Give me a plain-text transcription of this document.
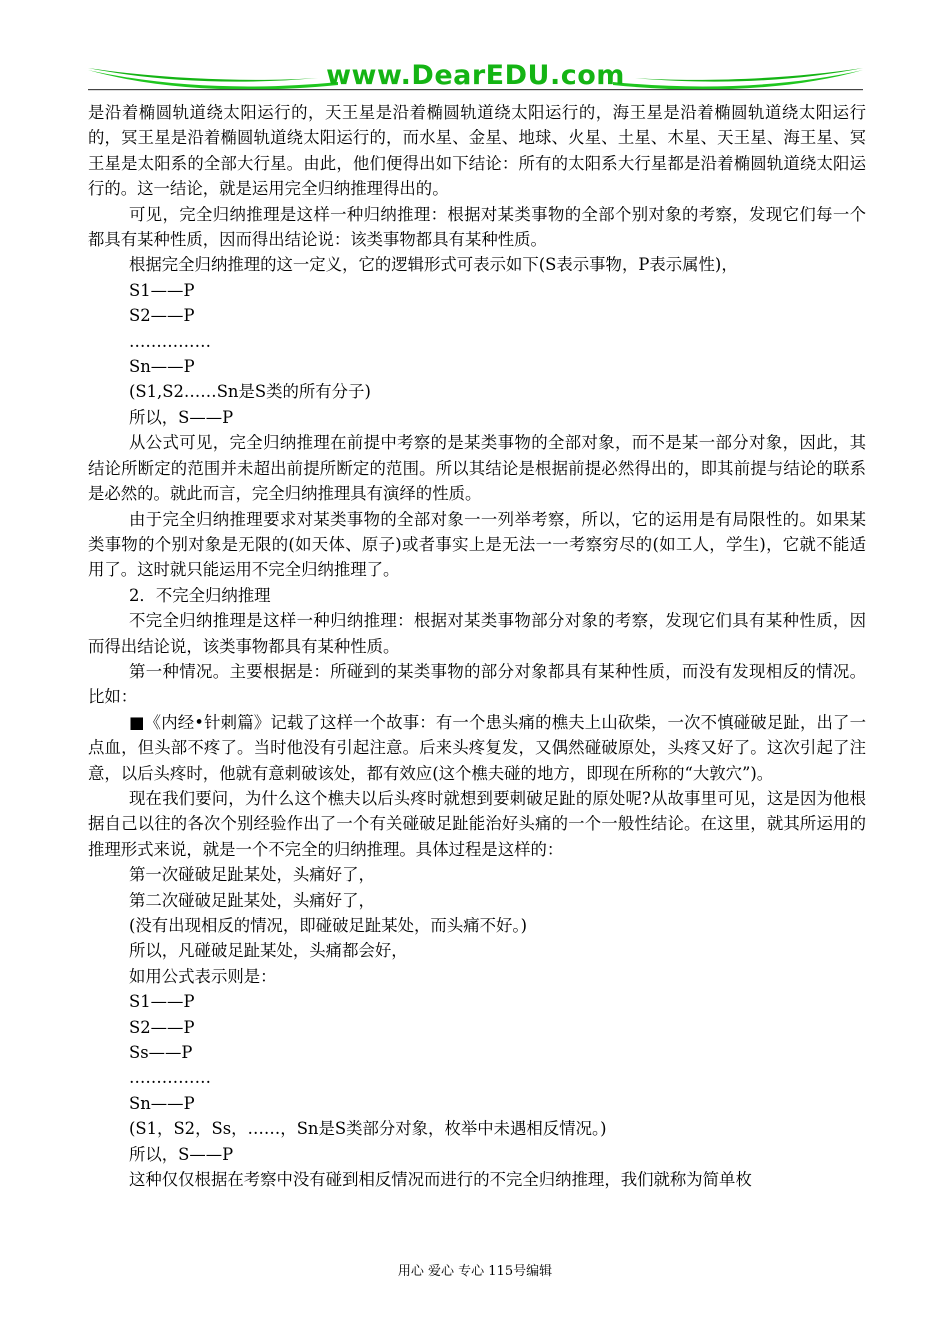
www.DearEDU.com

是沿着椭圆轨道绕太阳运行的，天王星是沿着椭圆轨道绕太阳运行的，海王星是沿着椭圆轨道绕太阳运行的，冥王星是沿着椭圆轨道绕太阳运行的，而水星、金星、地球、火星、土星、木星、天王星、海王星、冥王星是太阳系的全部大行星。由此，他们便得出如下结论：所有的太阳系大行星都是沿着椭圆轨道绕太阳运行的。这一结论，就是运用完全归纳推理得出的。

可见，完全归纳推理是这样一种归纳推理：根据对某类事物的全部个别对象的考察，发现它们每一个都具有某种性质，因而得出结论说：该类事物都具有某种性质。

根据完全归纳推理的这一定义，它的逻辑形式可表示如下(S表示事物，P表示属性)，

S1——P

S2——P

……………

Sn——P

(S1,S2……Sn是S类的所有分子)

所以，S——P

从公式可见，完全归纳推理在前提中考察的是某类事物的全部对象，而不是某一部分对象，因此，其结论所断定的范围并未超出前提所断定的范围。所以其结论是根据前提必然得出的，即其前提与结论的联系是必然的。就此而言，完全归纳推理具有演绎的性质。

由于完全归纳推理要求对某类事物的全部对象一一列举考察，所以，它的运用是有局限性的。如果某类事物的个别对象是无限的(如天体、原子)或者事实上是无法一一考察穷尽的(如工人，学生)，它就不能适用了。这时就只能运用不完全归纳推理了。

2．不完全归纳推理

不完全归纳推理是这样一种归纳推理：根据对某类事物部分对象的考察，发现它们具有某种性质，因而得出结论说，该类事物都具有某种性质。

第一种情况。主要根据是：所碰到的某类事物的部分对象都具有某种性质，而没有发现相反的情况。比如：

■《内经•针刺篇》记载了这样一个故事：有一个患头痛的樵夫上山砍柴，一次不慎碰破足趾，出了一点血，但头部不疼了。当时他没有引起注意。后来头疼复发，又偶然碰破原处，头疼又好了。这次引起了注意，以后头疼时，他就有意刺破该处，都有效应(这个樵夫碰的地方，即现在所称的“大敦穴”)。

现在我们要问，为什么这个樵夫以后头疼时就想到要刺破足趾的原处呢?从故事里可见，这是因为他根据自己以往的各次个别经验作出了一个有关碰破足趾能治好头痛的一个一般性结论。在这里，就其所运用的推理形式来说，就是一个不完全的归纳推理。具体过程是这样的：

第一次碰破足趾某处，头痛好了，

第二次碰破足趾某处，头痛好了，

(没有出现相反的情况，即碰破足趾某处，而头痛不好。)

所以，凡碰破足趾某处，头痛都会好，

如用公式表示则是：

S1——P

S2——P

Ss——P

……………

Sn——P

(S1，S2，Ss，……，Sn是S类部分对象，枚举中未遇相反情况。)

所以，S——P

这种仅仅根据在考察中没有碰到相反情况而进行的不完全归纳推理，我们就称为简单枚

用心 爱心 专心 115号编辑
